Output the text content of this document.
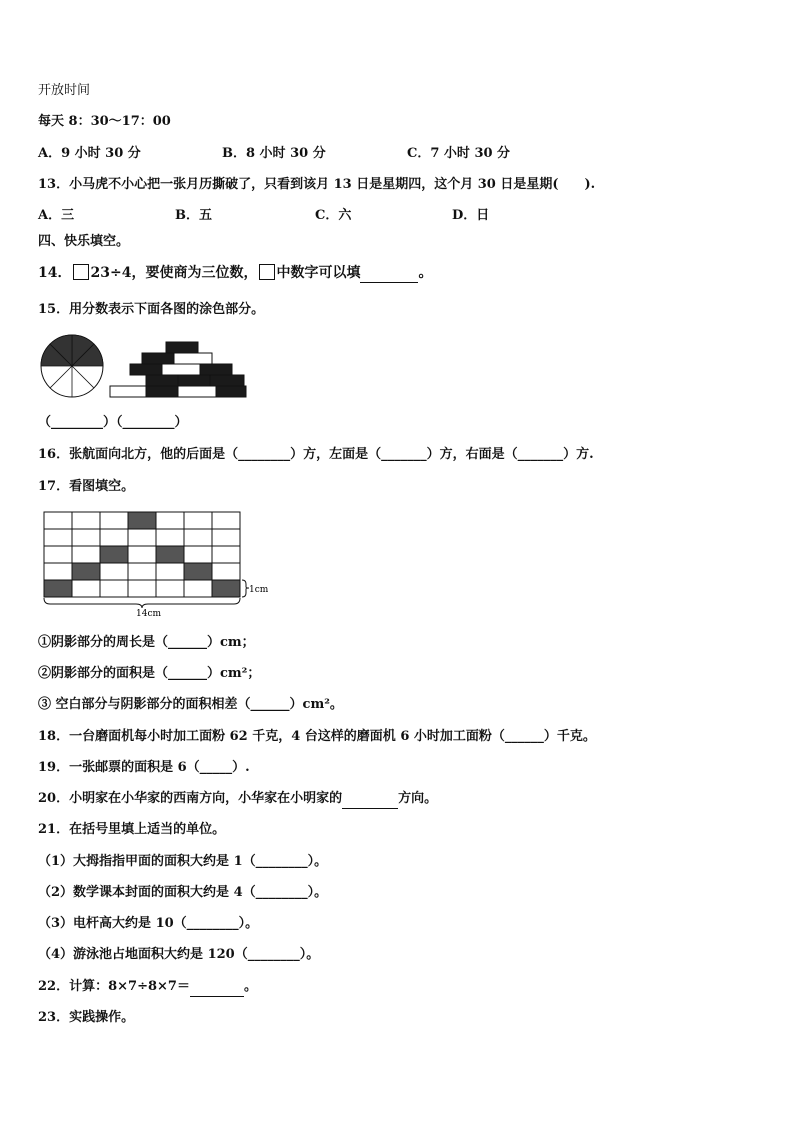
开放时间
每天 8：30～17：00
A．9 小时 30 分	B．8 小时 30 分	C．7 小时 30 分
13．小马虎不小心把一张月历撕破了，只看到该月 13 日是星期四，这个月 30 日是星期(　　).
A．三	B．五	C．六	D．日
四、快乐填空。
14． 23÷4，要使商为三位数， 中数字可以填	。
15．用分数表示下面各图的涂色部分。
（________）（________）
16．张航面向北方，他的后面是（________）方，左面是（_______）方，右面是（_______）方.
17．看图填空。
14cm
1cm
①阴影部分的周长是（______）cm；
②阴影部分的面积是（______）cm²；
③ 空白部分与阴影部分的面积相差（______）cm²。
18．一台磨面机每小时加工面粉 62 千克，4 台这样的磨面机 6 小时加工面粉（______）千克。
19．一张邮票的面积是 6（_____）.
20．小明家在小华家的西南方向，小华家在小明家的	方向。
21．在括号里填上适当的单位。
（1）大拇指指甲面的面积大约是 1（________）。
（2）数学课本封面的面积大约是 4（________）。
（3）电杆高大约是 10（________）。
（4）游泳池占地面积大约是 120（________）。
22．计算：8×7÷8×7＝	。
23．实践操作。
